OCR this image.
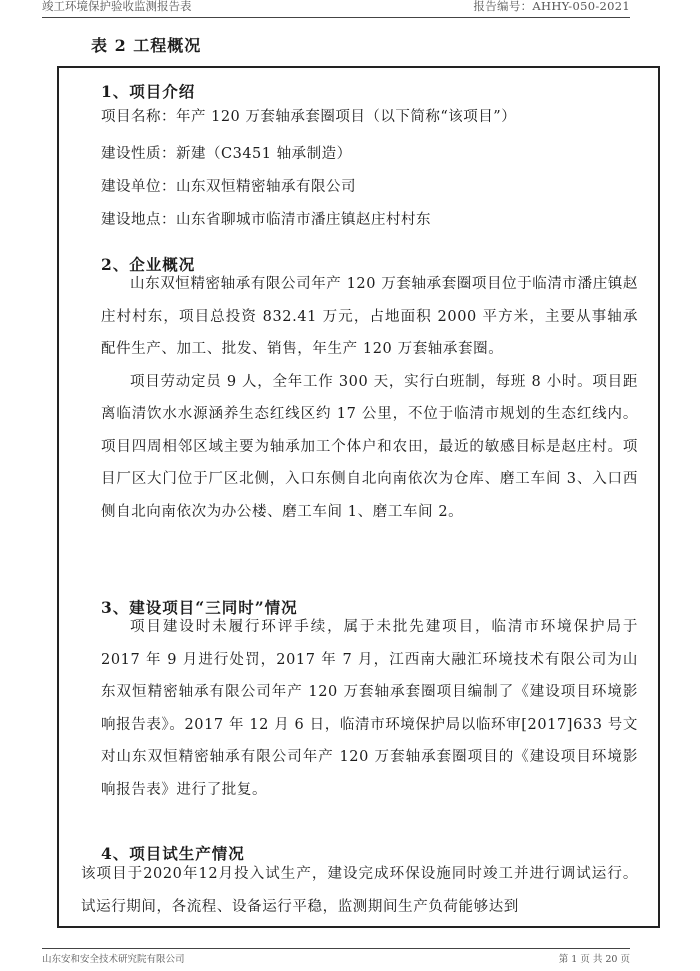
竣工环境保护验收监测报告表	报告编号：AHHY-050-2021
表 2 工程概况

1、项目介绍

项目名称：年产 120 万套轴承套圈项目（以下简称“该项目”）

建设性质：新建（C3451 轴承制造）

建设单位：山东双恒精密轴承有限公司

建设地点：山东省聊城市临清市潘庄镇赵庄村村东

2、企业概况

山东双恒精密轴承有限公司年产 120 万套轴承套圈项目位于临清市潘庄镇赵庄村村东，项目总投资 832.41 万元，占地面积 2000 平方米，主要从事轴承配件生产、加工、批发、销售，年生产 120 万套轴承套圈。

项目劳动定员 9 人，全年工作 300 天，实行白班制，每班 8 小时。项目距离临清饮水水源涵养生态红线区约 17 公里，不位于临清市规划的生态红线内。项目四周相邻区域主要为轴承加工个体户和农田，最近的敏感目标是赵庄村。项目厂区大门位于厂区北侧，入口东侧自北向南依次为仓库、磨工车间 3、入口西侧自北向南依次为办公楼、磨工车间 1、磨工车间 2。

3、建设项目“三同时”情况

项目建设时未履行环评手续，属于未批先建项目，临清市环境保护局于 2017 年 9 月进行处罚，2017 年 7 月，江西南大融汇环境技术有限公司为山东双恒精密轴承有限公司年产 120 万套轴承套圈项目编制了《建设项目环境影响报告表》。2017 年 12 月 6 日，临清市环境保护局以临环审[2017]633 号文对山东双恒精密轴承有限公司年产 120 万套轴承套圈项目的《建设项目环境影响报告表》进行了批复。

4、项目试生产情况

该项目于2020年12月投入试生产，建设完成环保设施同时竣工并进行调试运行。试运行期间，各流程、设备运行平稳，监测期间生产负荷能够达到

山东安和安全技术研究院有限公司	第 1 页 共 20 页
